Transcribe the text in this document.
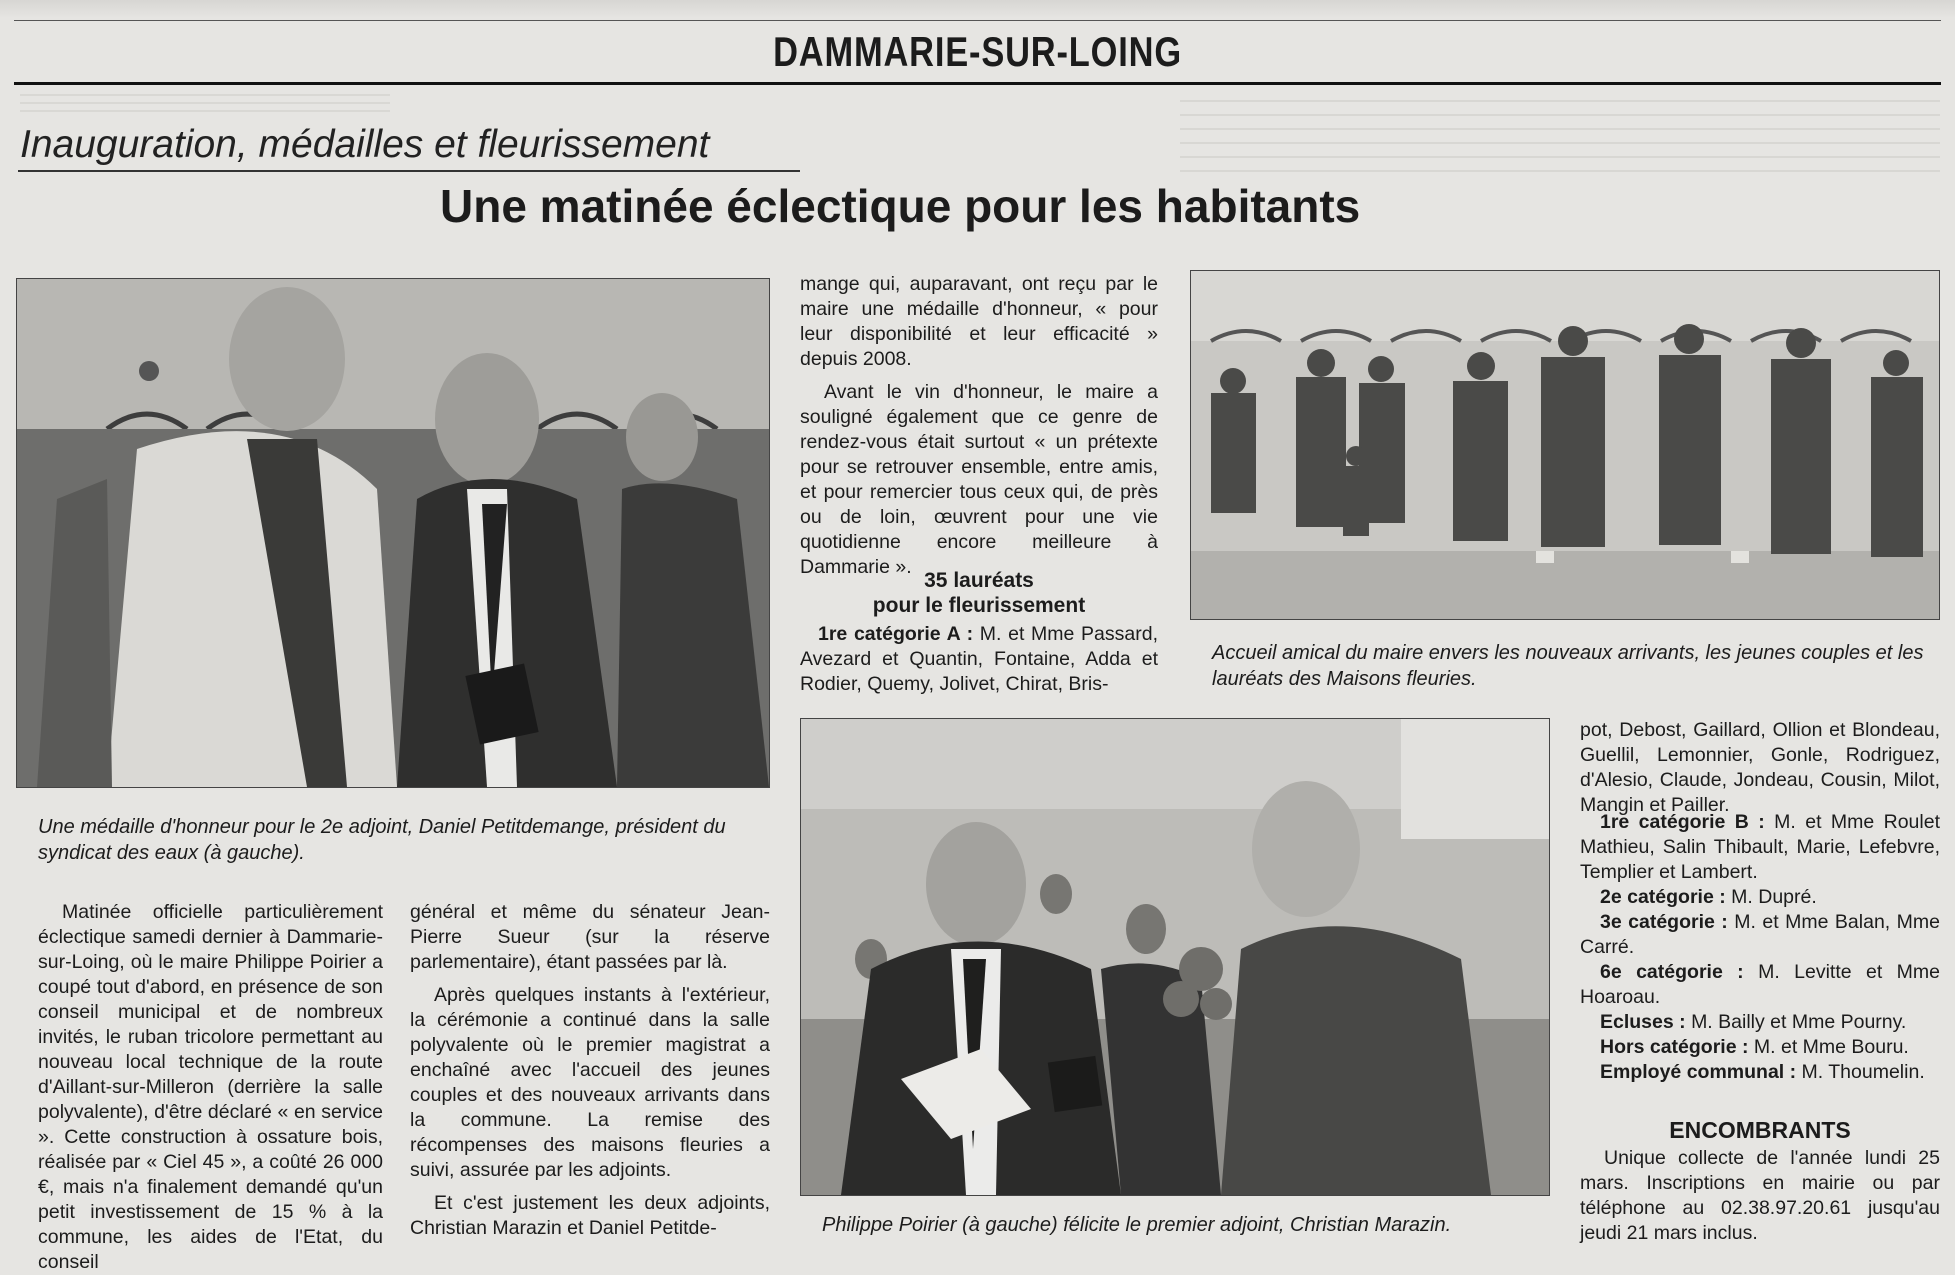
DAMMARIE-SUR-LOING
Inauguration, médailles et fleurissement
Une matinée éclectique pour les habitants
Une médaille d'honneur pour le 2e adjoint, Daniel Petitdemange, président du syndicat des eaux (à gauche).

Matinée officielle particulièrement éclectique samedi dernier à Dammarie-sur-Loing, où le maire Philippe Poirier a coupé tout d'abord, en présence de son conseil municipal et de nombreux invités, le ruban tricolore permettant au nouveau local technique de la route d'Aillant-sur-Milleron (derrière la salle polyvalente), d'être déclaré « en service ». Cette construction à ossature bois, réalisée par « Ciel 45 », a coûté 26 000 €, mais n'a finalement demandé qu'un petit investissement de 15 % à la commune, les aides de l'Etat, du conseil

général et même du sénateur Jean-Pierre Sueur (sur la réserve parlementaire), étant passées par là.

Après quelques instants à l'extérieur, la cérémonie a continué dans la salle polyvalente où le premier magistrat a enchaîné avec l'accueil des jeunes couples et des nouveaux arrivants dans la commune. La remise des récompenses des maisons fleuries a suivi, assurée par les adjoints.

Et c'est justement les deux adjoints, Christian Marazin et Daniel Petitde-

mange qui, auparavant, ont reçu par le maire une médaille d'honneur, « pour leur disponibilité et leur efficacité » depuis 2008.

Avant le vin d'honneur, le maire a souligné également que ce genre de rendez-vous était surtout « un prétexte pour se retrouver ensemble, entre amis, et pour remercier tous ceux qui, de près ou de loin, œuvrent pour une vie quotidienne encore meilleure à Dammarie ».

35 lauréats
pour le fleurissement
1re catégorie A : M. et Mme Passard, Avezard et Quantin, Fontaine, Adda et Rodier, Quemy, Jolivet, Chirat, Bris-
Accueil amical du maire envers les nouveaux arrivants, les jeunes couples et les lauréats des Maisons fleuries.
Philippe Poirier (à gauche) félicite le premier adjoint, Christian Marazin.
pot, Debost, Gaillard, Ollion et Blondeau, Guellil, Lemonnier, Gonle, Rodriguez, d'Alesio, Claude, Jondeau, Cousin, Milot, Mangin et Pailler.
1re catégorie B : M. et Mme Roulet Mathieu, Salin Thibault, Marie, Lefebvre, Templier et Lambert.
2e catégorie : M. Dupré.
3e catégorie : M. et Mme Balan, Mme Carré.
6e catégorie : M. Levitte et Mme Hoaroau.
Ecluses : M. Bailly et Mme Pourny.
Hors catégorie : M. et Mme Bouru.
Employé communal : M. Thoumelin.
ENCOMBRANTS

Unique collecte de l'année lundi 25 mars. Inscriptions en mairie ou par téléphone au 02.38.97.20.61 jusqu'au jeudi 21 mars inclus.
